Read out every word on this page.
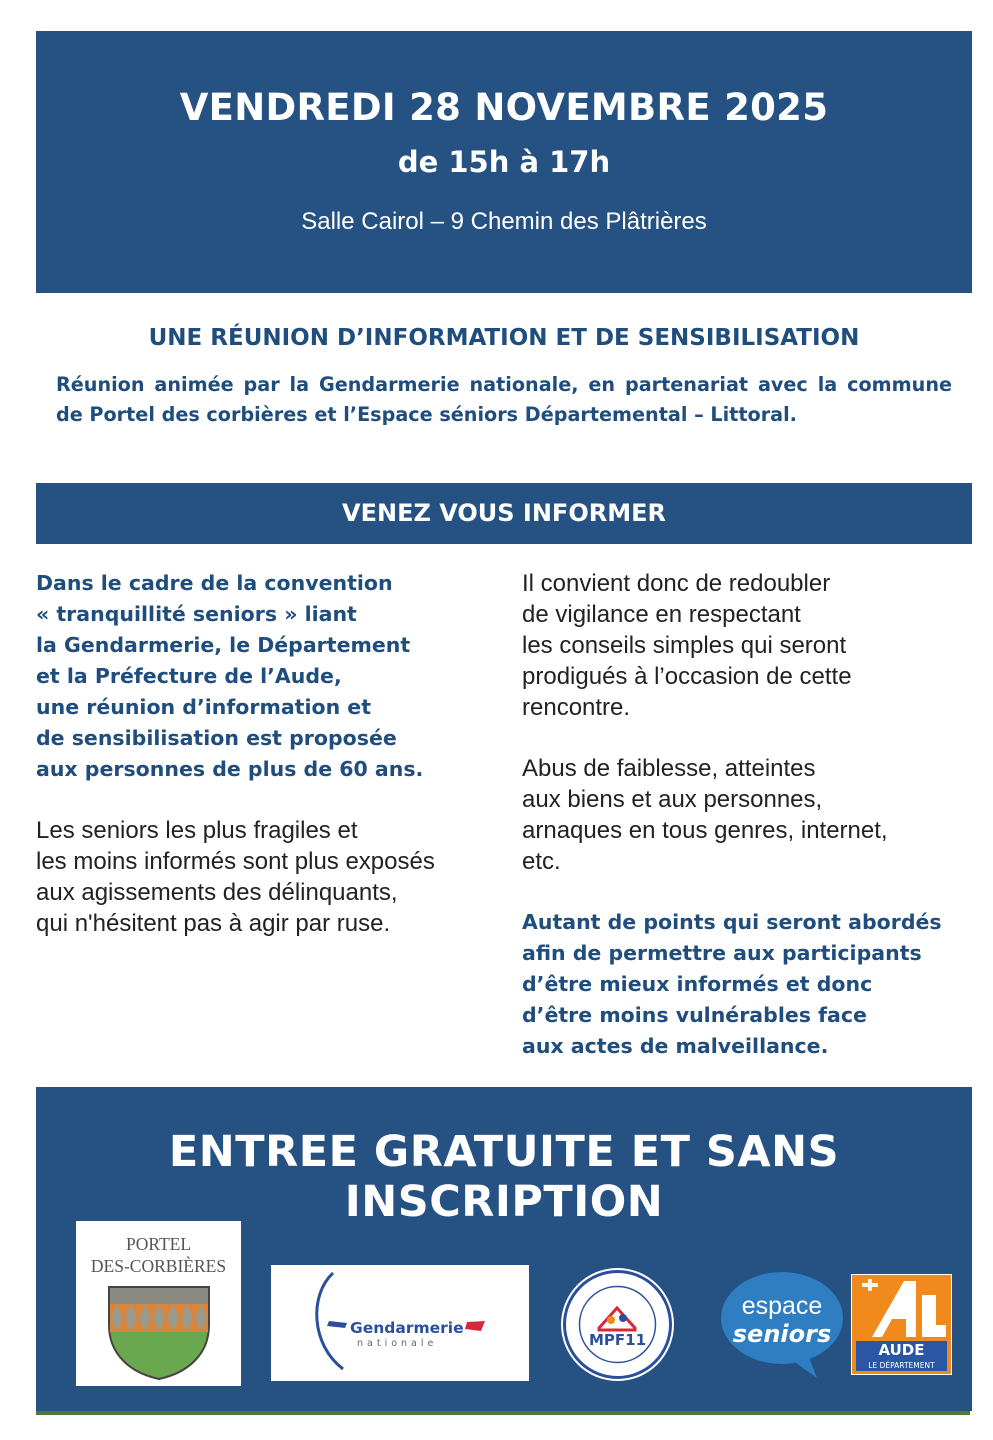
VENDREDI 28 NOVEMBRE 2025
de 15h à 17h
Salle Cairol – 9 Chemin des Plâtrières
UNE RÉUNION D’INFORMATION ET DE SENSIBILISATION
Réunion animée par la Gendarmerie nationale, en partenariat avec la commune de Portel des corbières et l’Espace séniors Départemental – Littoral.
VENEZ VOUS INFORMER

Dans le cadre de la convention
« tranquillité seniors » liant
la Gendarmerie, le Département
et la Préfecture de l’Aude,
une réunion d’information et
de sensibilisation est proposée
aux personnes de plus de 60 ans.

Les seniors les plus fragiles et
les moins informés sont plus exposés
aux agissements des délinquants,
qui n'hésitent pas à agir par ruse.

Il convient donc de redoubler
de vigilance en respectant
les conseils simples qui seront
prodigués à l’occasion de cette
rencontre.

Abus de faiblesse, atteintes
aux biens et aux personnes,
arnaques en tous genres, internet,
etc.

Autant de points qui seront abordés
afin de permettre aux participants
d’être mieux informés et donc
d’être moins vulnérables face
aux actes de malveillance.

ENTREE GRATUITE ET SANS INSCRIPTION
PORTEL
DES-CORBIÈRES
Gendarmerie
nationale	MPF11
espace
seniors
AUDE
LE DÉPARTEMENT
